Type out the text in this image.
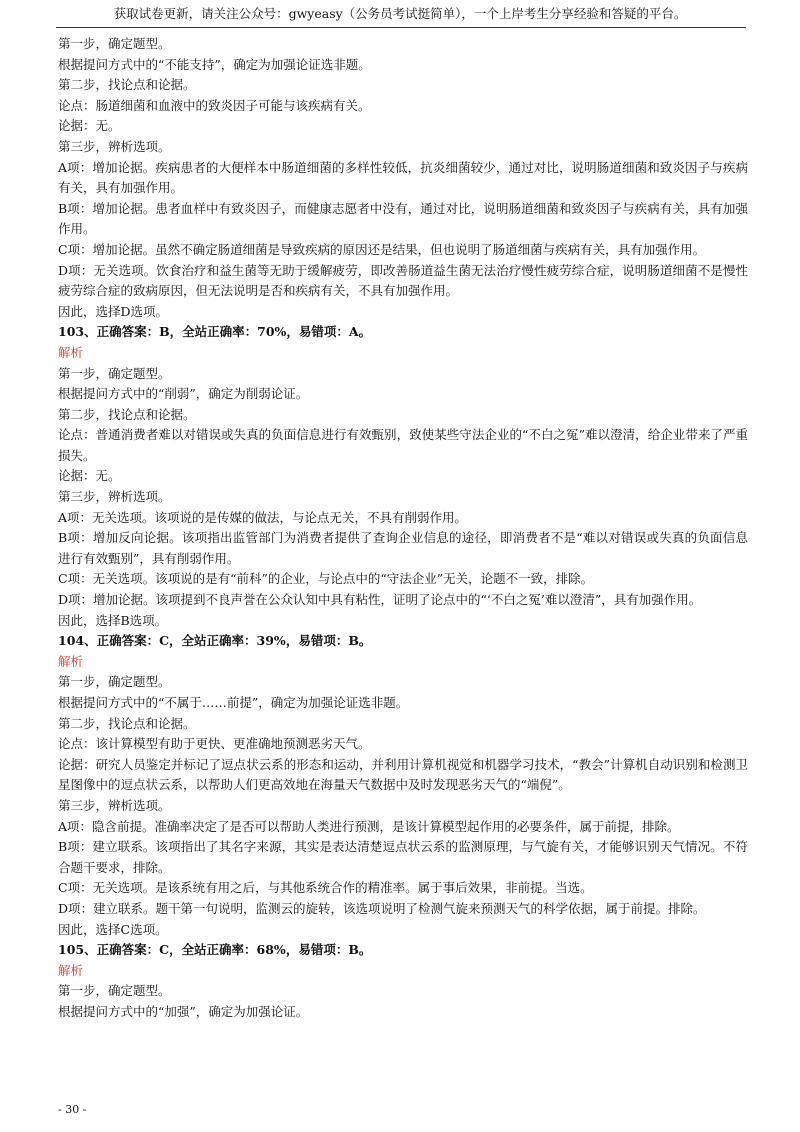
获取试卷更新，请关注公众号：gwyeasy（公务员考试挺简单），一个上岸考生分享经验和答疑的平台。

第一步，确定题型。

根据提问方式中的“不能支持”，确定为加强论证选非题。

第二步，找论点和论据。

论点：肠道细菌和血液中的致炎因子可能与该疾病有关。

论据：无。

第三步，辨析选项。

A项：增加论据。疾病患者的大便样本中肠道细菌的多样性较低，抗炎细菌较少，通过对比，说明肠道细菌和致炎因子与疾病有关，具有加强作用。

B项：增加论据。患者血样中有致炎因子，而健康志愿者中没有，通过对比，说明肠道细菌和致炎因子与疾病有关，具有加强作用。

C项：增加论据。虽然不确定肠道细菌是导致疾病的原因还是结果，但也说明了肠道细菌与疾病有关，具有加强作用。

D项：无关选项。饮食治疗和益生菌等无助于缓解疲劳，即改善肠道益生菌无法治疗慢性疲劳综合症，说明肠道细菌不是慢性疲劳综合症的致病原因，但无法说明是否和疾病有关，不具有加强作用。

因此，选择D选项。

103、正确答案：B，全站正确率：70%，易错项：A。

解析

第一步，确定题型。

根据提问方式中的“削弱”，确定为削弱论证。

第二步，找论点和论据。

论点：普通消费者难以对错误或失真的负面信息进行有效甄别，致使某些守法企业的“不白之冤”难以澄清，给企业带来了严重损失。

论据：无。

第三步，辨析选项。

A项：无关选项。该项说的是传媒的做法，与论点无关，不具有削弱作用。

B项：增加反向论据。该项指出监管部门为消费者提供了查询企业信息的途径，即消费者不是“难以对错误或失真的负面信息进行有效甄别”，具有削弱作用。

C项：无关选项。该项说的是有“前科”的企业，与论点中的“守法企业”无关，论题不一致，排除。

D项：增加论据。该项提到不良声誉在公众认知中具有粘性，证明了论点中的“‘不白之冤’难以澄清”，具有加强作用。

因此，选择B选项。

104、正确答案：C，全站正确率：39%，易错项：B。

解析

第一步，确定题型。

根据提问方式中的“不属于……前提”，确定为加强论证选非题。

第二步，找论点和论据。

论点：该计算模型有助于更快、更准确地预测恶劣天气。

论据：研究人员鉴定并标记了逗点状云系的形态和运动，并利用计算机视觉和机器学习技术，“教会”计算机自动识别和检测卫星图像中的逗点状云系，以帮助人们更高效地在海量天气数据中及时发现恶劣天气的“端倪”。

第三步，辨析选项。

A项：隐含前提。准确率决定了是否可以帮助人类进行预测，是该计算模型起作用的必要条件，属于前提，排除。

B项：建立联系。该项指出了其名字来源，其实是表达清楚逗点状云系的监测原理，与气旋有关，才能够识别天气情况。不符合题干要求，排除。

C项：无关选项。是该系统有用之后，与其他系统合作的精准率。属于事后效果，非前提。当选。

D项：建立联系。题干第一句说明，监测云的旋转，该选项说明了检测气旋来预测天气的科学依据，属于前提。排除。

因此，选择C选项。

105、正确答案：C，全站正确率：68%，易错项：B。

解析

第一步，确定题型。

根据提问方式中的“加强”，确定为加强论证。

- 30 -
